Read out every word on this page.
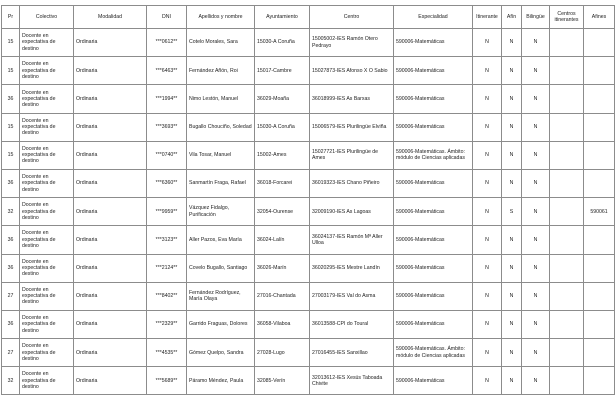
Pr	Colectivo	Modalidad	DNI	Apellidos y nombre	Ayuntamiento	Centro	Especialidad	Itinerante	Afín	Bilingüe	Centros itinerantes	Afines
15	Docente en expectativa de destino	Ordinaria	***0612**	Cotelo Morales, Sara	15030-A Coruña	15005002-IES Ramón Otero Pedrayo	590006-Matemáticas	N	N	N		
15	Docente en expectativa de destino	Ordinaria	***6463**	Fernández Añón, Roi	15017-Cambre	15027873-IES Afonso X O Sabio	590006-Matemáticas	N	N	N		
36	Docente en expectativa de destino	Ordinaria	***1994**	Nimo Lestón, Manuel	36029-Moaña	36018999-IES As Barxas	590006-Matemáticas	N	N	N		
15	Docente en expectativa de destino	Ordinaria	***3693**	Bugallo Chouciño, Soledad	15030-A Coruña	15006579-IES Plurilingüe Elviña	590006-Matemáticas	N	N	N		
15	Docente en expectativa de destino	Ordinaria	***0740**	Vila Tosar, Manuel	15002-Ames	15027721-IES Plurilingüe de Ames	590006-Matemáticas. Ámbito: módulo de Ciencias aplicadas	N	N	N		
36	Docente en expectativa de destino	Ordinaria	***6360**	Sanmartín Fraga, Rafael	36018-Forcarei	36019323-IES Chano Piñeiro	590006-Matemáticas	N	N	N		
32	Docente en expectativa de destino	Ordinaria	***9959**	Vázquez Fidalgo, Purificación	32054-Ourense	32009190-IES As Lagoas	590006-Matemáticas	N	S	N		590061
36	Docente en expectativa de destino	Ordinaria	***3123**	Aller Pazos, Eva María	36024-Lalín	36024137-IES Ramón Mª Aller Ulloa	590006-Matemáticas	N	N	N		
36	Docente en expectativa de destino	Ordinaria	***2124**	Covelo Bugallo, Santiago	36026-Marín	36020295-IES Mestre Landín	590006-Matemáticas	N	N	N		
27	Docente en expectativa de destino	Ordinaria	***8402**	Fernández Rodríguez, María Olaya	27016-Chantada	27003179-IES Val do Asma	590006-Matemáticas	N	N	N		
36	Docente en expectativa de destino	Ordinaria	***2329**	Garrido Fraguas, Dolores	36058-Vilaboa	36013588-CPI do Toural	590006-Matemáticas	N	N	N		
27	Docente en expectativa de destino	Ordinaria	***4535**	Gómez Quelpo, Sandra	27028-Lugo	27016455-IES Sanxillao	590006-Matemáticas. Ámbito: módulo de Ciencias aplicadas	N	N	N		
32	Docente en expectativa de destino	Ordinaria	***5689**	Páramo Méndez, Paula	32085-Verín	32013612-IES Xesús Taboada Chivite	590006-Matemáticas	N	N	N		
